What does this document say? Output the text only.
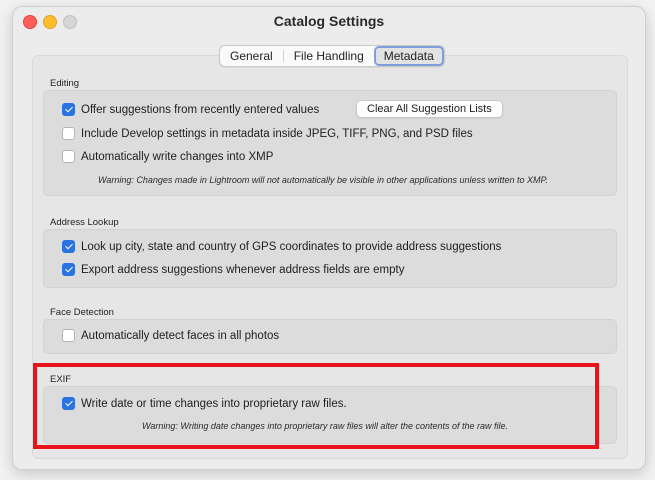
Catalog Settings
General	File Handling	Metadata
Editing
Offer suggestions from recently entered values	Clear All Suggestion Lists
Include Develop settings in metadata inside JPEG, TIFF, PNG, and PSD files
Automatically write changes into XMP
Warning: Changes made in Lightroom will not automatically be visible in other applications unless written to XMP.
Address Lookup
Look up city, state and country of GPS coordinates to provide address suggestions
Export address suggestions whenever address fields are empty
Face Detection
Automatically detect faces in all photos
EXIF
Write date or time changes into proprietary raw files.
Warning: Writing date changes into proprietary raw files will alter the contents of the raw file.
